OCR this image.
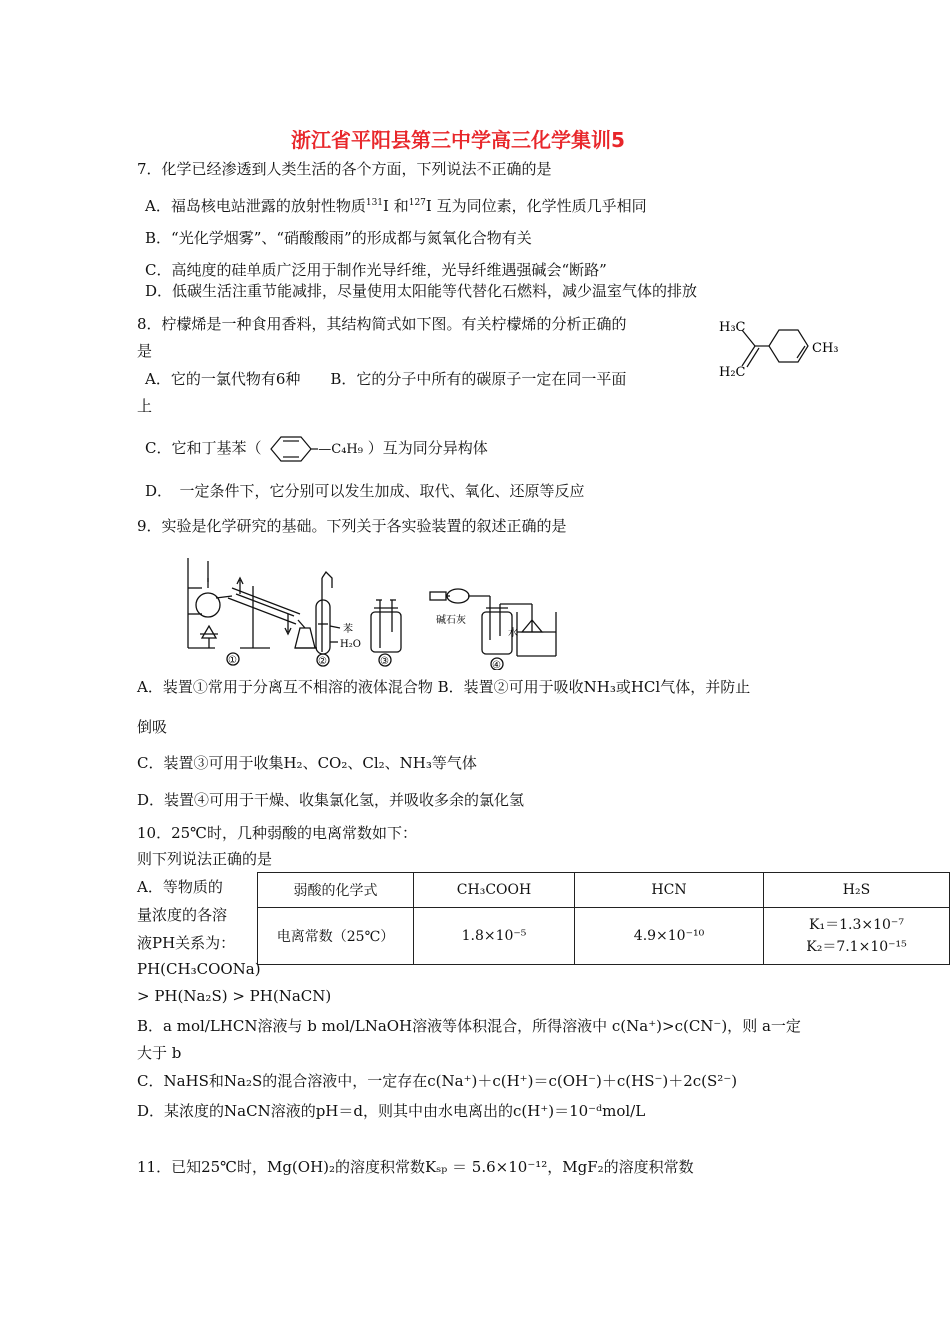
浙江省平阳县第三中学高三化学集训5
7．化学已经渗透到人类生活的各个方面，下列说法不正确的是
A．福岛核电站泄露的放射性物质$^{131}$I 和$^{127}$I 互为同位素，化学性质几乎相同
B．“光化学烟雾”、“硝酸酸雨”的形成都与氮氧化合物有关
C．高纯度的硅单质广泛用于制作光导纤维，光导纤维遇强碱会“断路”
D．低碳生活注重节能减排，尽量使用太阳能等代替化石燃料，减少温室气体的排放
8．柠檬烯是一种食用香料，其结构简式如下图。有关柠檬烯的分析正确的
是
A．它的一氯代物有6种　　B．它的分子中所有的碳原子一定在同一平面
上
H₃C
H₂C
CH₃
C．它和丁基苯（	—C₄H₉ ）互为同分异构体
D．　一定条件下，它分别可以发生加成、取代、氧化、还原等反应
9．实验是化学研究的基础。下列关于各实验装置的叙述正确的是
苯
H₂O
碱石灰
水
①	②	③	④
A．装置①常用于分离互不相溶的液体混合物 B．装置②可用于吸收NH₃或HCl气体，并防止
倒吸
C．装置③可用于收集H₂、CO₂、Cl₂、NH₃等气体
D．装置④可用于干燥、收集氯化氢，并吸收多余的氯化氢
10．25℃时，几种弱酸的电离常数如下：
则下列说法正确的是
弱酸的化学式	CH₃COOH	HCN	H₂S
电离常数（25℃）	1.8×10⁻⁵	4.9×10⁻¹⁰	K₁＝1.3×10⁻⁷
K₂＝7.1×10⁻¹⁵
A．等物质的
量浓度的各溶
液PH关系为：
PH(CH₃COONa)
> PH(Na₂S) > PH(NaCN)
B．a mol/LHCN溶液与 b mol/LNaOH溶液等体积混合，所得溶液中 c(Na⁺)>c(CN⁻)，则 a一定
大于 b
C．NaHS和Na₂S的混合溶液中，一定存在c(Na⁺)＋c(H⁺)＝c(OH⁻)＋c(HS⁻)＋2c(S²⁻)
D．某浓度的NaCN溶液的pH＝d，则其中由水电离出的c(H⁺)＝10⁻ᵈmol/L
11．已知25℃时，Mg(OH)₂的溶度积常数Kₛₚ ＝ 5.6×10⁻¹²，MgF₂的溶度积常数
